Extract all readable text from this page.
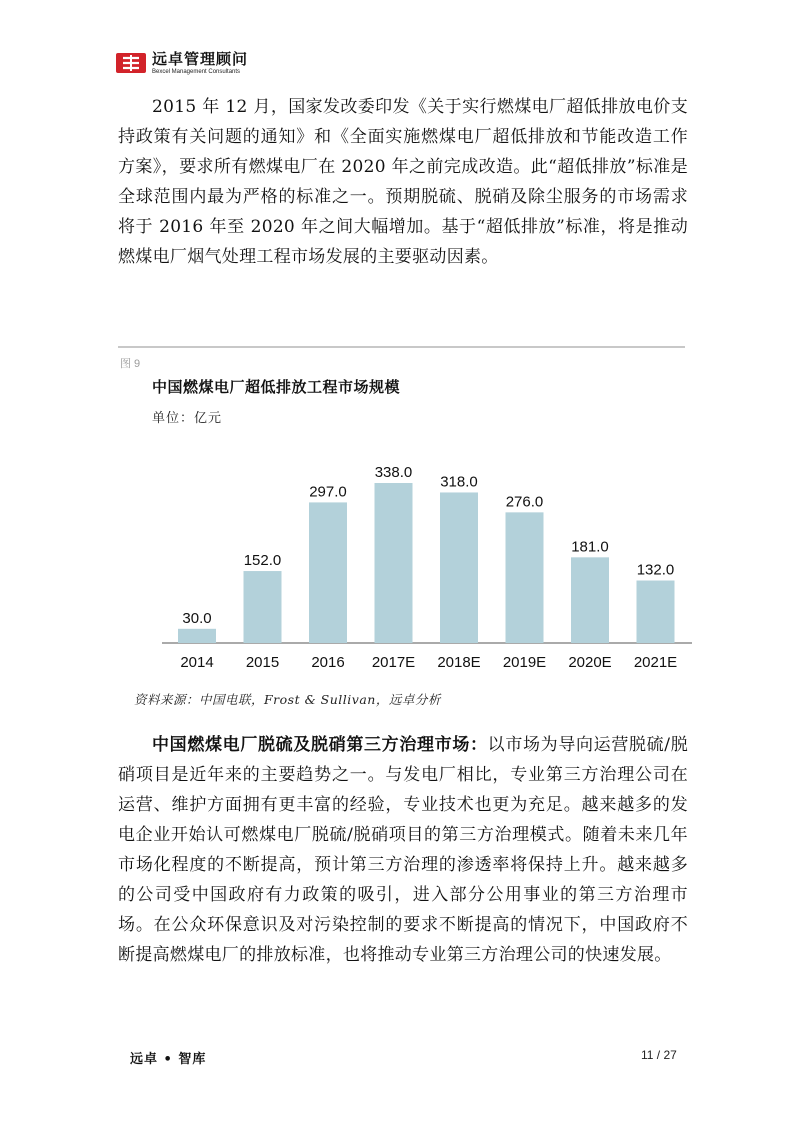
远卓管理顾问
Bexcel Management Consultants

2015 年 12 月，国家发改委印发《关于实行燃煤电厂超低排放电价支持政策有关问题的通知》和《全面实施燃煤电厂超低排放和节能改造工作方案》，要求所有燃煤电厂在 2020 年之前完成改造。此“超低排放”标准是全球范围内最为严格的标准之一。预期脱硫、脱硝及除尘服务的市场需求将于 2016 年至 2020 年之间大幅增加。基于“超低排放”标准，将是推动燃煤电厂烟气处理工程市场发展的主要驱动因素。

图 9
中国燃煤电厂超低排放工程市场规模
单位：亿元
30.0
2014
152.0
2015
297.0
2016
338.0
2017E
318.0
2018E
276.0
2019E
181.0
2020E
132.0
2021E
资料来源：中国电联，Frost & Sullivan，远卓分析

中国燃煤电厂脱硫及脱硝第三方治理市场：以市场为导向运营脱硫/脱硝项目是近年来的主要趋势之一。与发电厂相比，专业第三方治理公司在运营、维护方面拥有更丰富的经验，专业技术也更为充足。越来越多的发电企业开始认可燃煤电厂脱硫/脱硝项目的第三方治理模式。随着未来几年市场化程度的不断提高，预计第三方治理的渗透率将保持上升。越来越多的公司受中国政府有力政策的吸引，进入部分公用事业的第三方治理市场。在公众环保意识及对污染控制的要求不断提高的情况下，中国政府不断提高燃煤电厂的排放标准，也将推动专业第三方治理公司的快速发展。

远卓 • 智库	11 / 27
